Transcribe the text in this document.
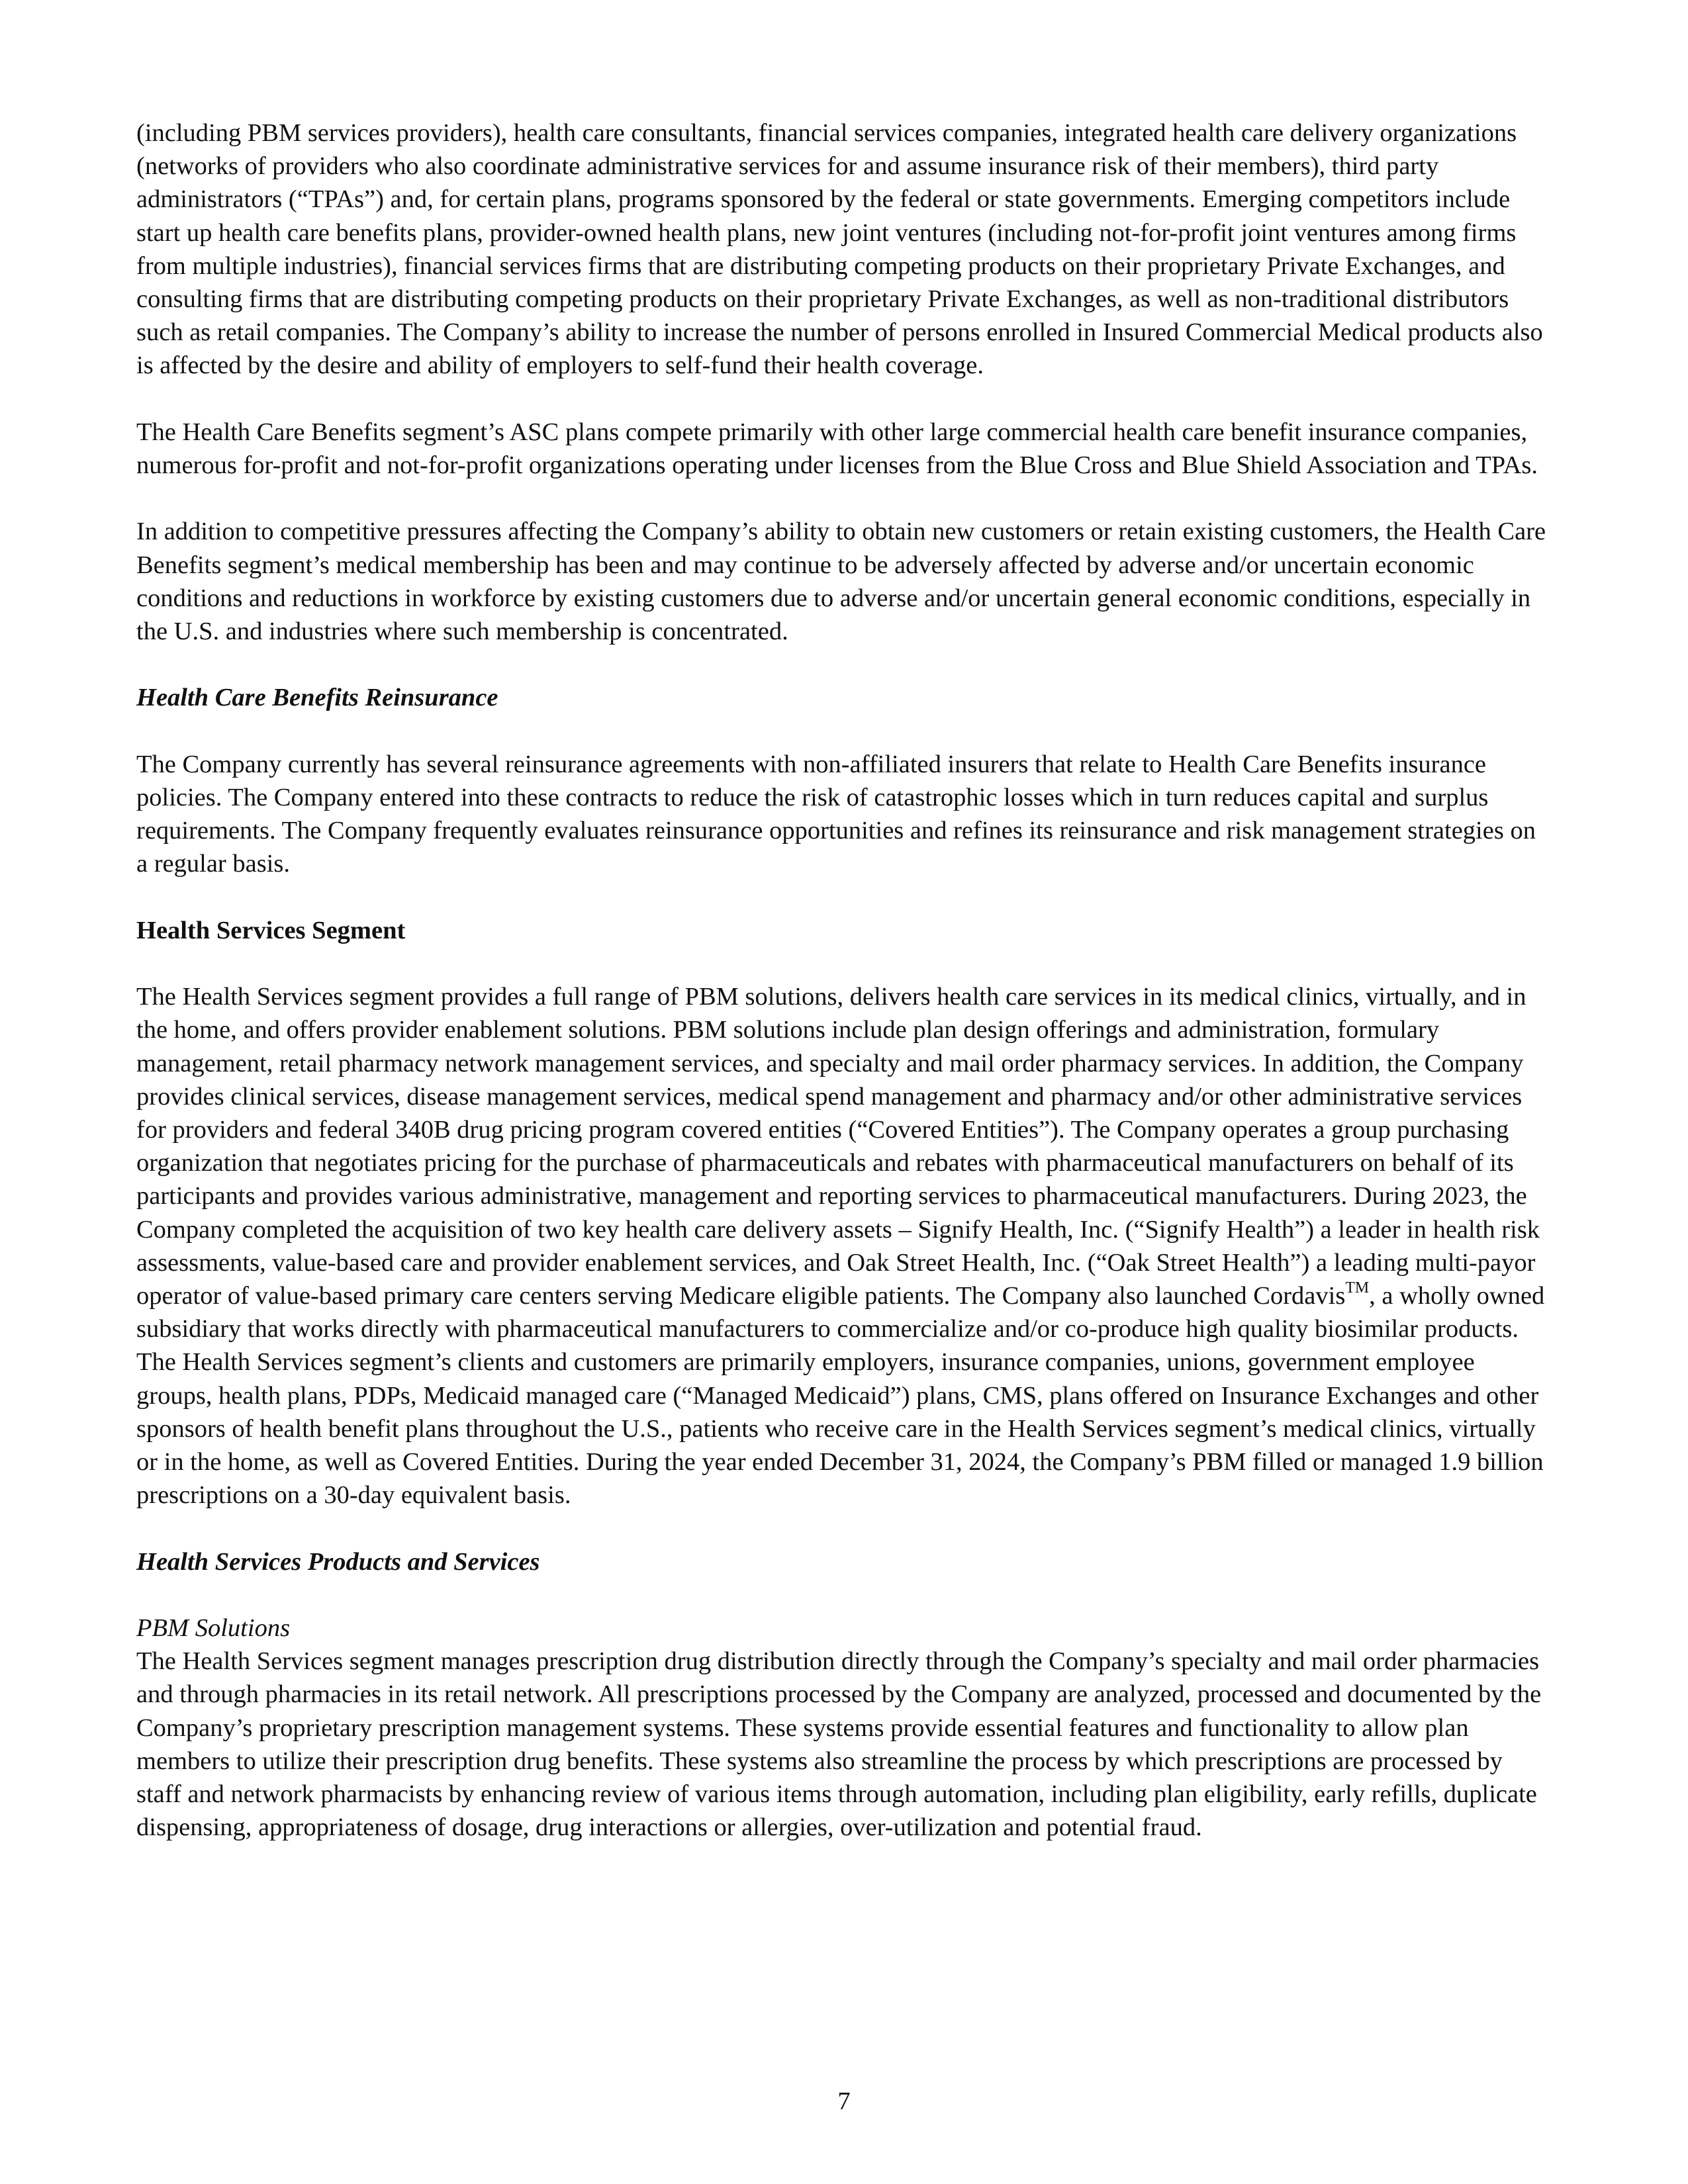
(including PBM services providers), health care consultants, financial services companies, integrated health care delivery organizations (networks of providers who also coordinate administrative services for and assume insurance risk of their members), third party administrators (“TPAs”) and, for certain plans, programs sponsored by the federal or state governments. Emerging competitors include start up health care benefits plans, provider-owned health plans, new joint ventures (including not-for-profit joint ventures among firms from multiple industries), financial services firms that are distributing competing products on their proprietary Private Exchanges, and consulting firms that are distributing competing products on their proprietary Private Exchanges, as well as non-traditional distributors such as retail companies. The Company’s ability to increase the number of persons enrolled in Insured Commercial Medical products also is affected by the desire and ability of employers to self-fund their health coverage.

The Health Care Benefits segment’s ASC plans compete primarily with other large commercial health care benefit insurance companies, numerous for-profit and not-for-profit organizations operating under licenses from the Blue Cross and Blue Shield Association and TPAs.

In addition to competitive pressures affecting the Company’s ability to obtain new customers or retain existing customers, the Health Care Benefits segment’s medical membership has been and may continue to be adversely affected by adverse and/or uncertain economic conditions and reductions in workforce by existing customers due to adverse and/or uncertain general economic conditions, especially in the U.S. and industries where such membership is concentrated.

Health Care Benefits Reinsurance

The Company currently has several reinsurance agreements with non-affiliated insurers that relate to Health Care Benefits insurance policies. The Company entered into these contracts to reduce the risk of catastrophic losses which in turn reduces capital and surplus requirements. The Company frequently evaluates reinsurance opportunities and refines its reinsurance and risk management strategies on a regular basis.

Health Services Segment

The Health Services segment provides a full range of PBM solutions, delivers health care services in its medical clinics, virtually, and in the home, and offers provider enablement solutions. PBM solutions include plan design offerings and administration, formulary management, retail pharmacy network management services, and specialty and mail order pharmacy services. In addition, the Company provides clinical services, disease management services, medical spend management and pharmacy and/or other administrative services for providers and federal 340B drug pricing program covered entities (“Covered Entities”). The Company operates a group purchasing organization that negotiates pricing for the purchase of pharmaceuticals and rebates with pharmaceutical manufacturers on behalf of its participants and provides various administrative, management and reporting services to pharmaceutical manufacturers. During 2023, the Company completed the acquisition of two key health care delivery assets – Signify Health, Inc. (“Signify Health”) a leader in health risk assessments, value-based care and provider enablement services, and Oak Street Health, Inc. (“Oak Street Health”) a leading multi-payor operator of value-based primary care centers serving Medicare eligible patients. The Company also launched Cordavis™, a wholly owned subsidiary that works directly with pharmaceutical manufacturers to commercialize and/or co-produce high quality biosimilar products. The Health Services segment’s clients and customers are primarily employers, insurance companies, unions, government employee groups, health plans, PDPs, Medicaid managed care (“Managed Medicaid”) plans, CMS, plans offered on Insurance Exchanges and other sponsors of health benefit plans throughout the U.S., patients who receive care in the Health Services segment’s medical clinics, virtually or in the home, as well as Covered Entities. During the year ended December 31, 2024, the Company’s PBM filled or managed 1.9 billion prescriptions on a 30-day equivalent basis.

Health Services Products and Services

PBM Solutions

The Health Services segment manages prescription drug distribution directly through the Company’s specialty and mail order pharmacies and through pharmacies in its retail network. All prescriptions processed by the Company are analyzed, processed and documented by the Company’s proprietary prescription management systems. These systems provide essential features and functionality to allow plan members to utilize their prescription drug benefits. These systems also streamline the process by which prescriptions are processed by staff and network pharmacists by enhancing review of various items through automation, including plan eligibility, early refills, duplicate dispensing, appropriateness of dosage, drug interactions or allergies, over-utilization and potential fraud.

7
